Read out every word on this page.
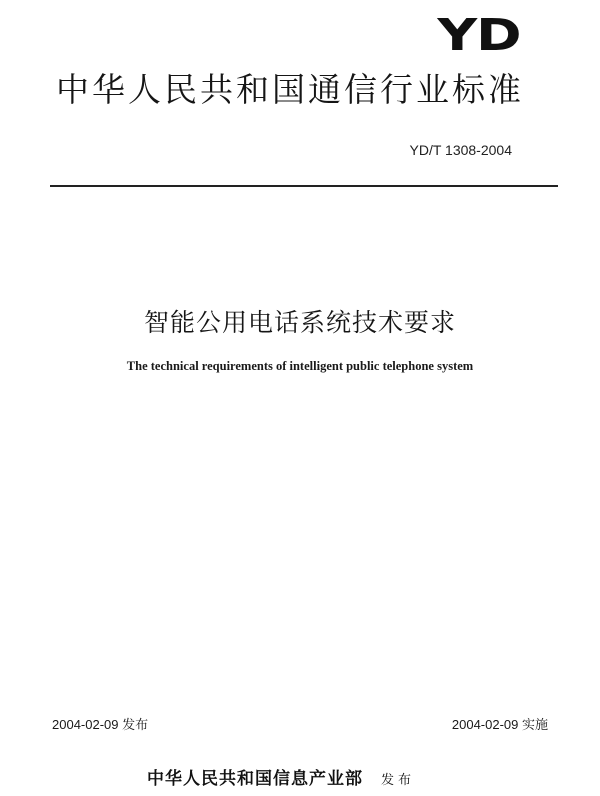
YD
中华人民共和国通信行业标准
YD/T 1308-2004
智能公用电话系统技术要求
The technical requirements of intelligent public telephone system
2004-02-09 发布	2004-02-09 实施
中华人民共和国信息产业部 发布
